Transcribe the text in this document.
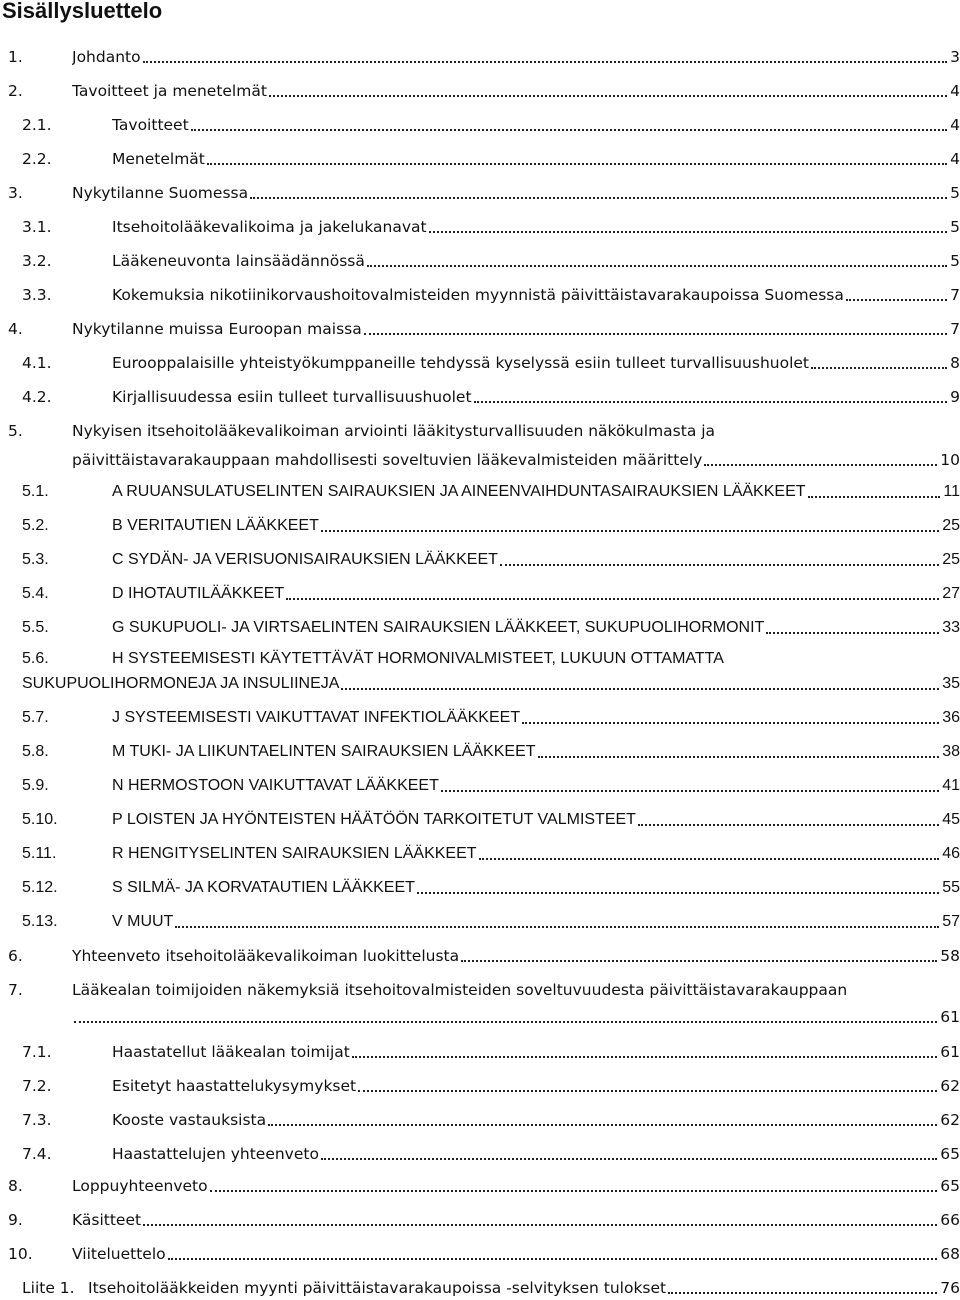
Sisällysluettelo
1.	Johdanto	3
2.	Tavoitteet ja menetelmät	4
2.1.	Tavoitteet	4
2.2.	Menetelmät	4
3.	Nykytilanne Suomessa	5
3.1.	Itsehoitolääkevalikoima ja jakelukanavat	5
3.2.	Lääkeneuvonta lainsäädännössä	5
3.3.	Kokemuksia nikotiinikorvaushoitovalmisteiden myynnistä päivittäistavarakaupoissa Suomessa	7
4.	Nykytilanne muissa Euroopan maissa	7
4.1.	Eurooppalaisille yhteistyökumppaneille tehdyssä kyselyssä esiin tulleet turvallisuushuolet	8
4.2.	Kirjallisuudessa esiin tulleet turvallisuushuolet	9
5.	Nykyisen itsehoitolääkevalikoiman arviointi lääkitysturvallisuuden näkökulmasta ja
päivittäistavarakauppaan mahdollisesti soveltuvien lääkevalmisteiden määrittely	10
5.1.	A RUUANSULATUSELINTEN SAIRAUKSIEN JA AINEENVAIHDUNTASAIRAUKSIEN LÄÄKKEET	11
5.2.	B VERITAUTIEN LÄÄKKEET	25
5.3.	C SYDÄN- JA VERISUONISAIRAUKSIEN LÄÄKKEET	25
5.4.	D IHOTAUTILÄÄKKEET	27
5.5.	G SUKUPUOLI- JA VIRTSAELINTEN SAIRAUKSIEN LÄÄKKEET, SUKUPUOLIHORMONIT	33
5.6.	H SYSTEEMISESTI KÄYTETTÄVÄT HORMONIVALMISTEET, LUKUUN OTTAMATTA
SUKUPUOLIHORMONEJA JA INSULIINEJA	35
5.7.	J SYSTEEMISESTI VAIKUTTAVAT INFEKTIOLÄÄKKEET	36
5.8.	M TUKI- JA LIIKUNTAELINTEN SAIRAUKSIEN LÄÄKKEET	38
5.9.	N HERMOSTOON VAIKUTTAVAT LÄÄKKEET	41
5.10.	P LOISTEN JA HYÖNTEISTEN HÄÄTÖÖN TARKOITETUT VALMISTEET	45
5.11.	R HENGITYSELINTEN SAIRAUKSIEN LÄÄKKEET	46
5.12.	S SILMÄ- JA KORVATAUTIEN LÄÄKKEET	55
5.13.	V MUUT	57
6.	Yhteenveto itsehoitolääkevalikoiman luokittelusta	58
7.	Lääkealan toimijoiden näkemyksiä itsehoitovalmisteiden soveltuvuudesta päivittäistavarakauppaan
61
7.1.	Haastatellut lääkealan toimijat	61
7.2.	Esitetyt haastattelukysymykset	62
7.3.	Kooste vastauksista	62
7.4.	Haastattelujen yhteenveto	65
8.	Loppuyhteenveto	65
9.	Käsitteet	66
10.	Viiteluettelo	68
Liite 1. Itsehoitolääkkeiden myynti päivittäistavarakaupoissa -selvityksen tulokset	76
